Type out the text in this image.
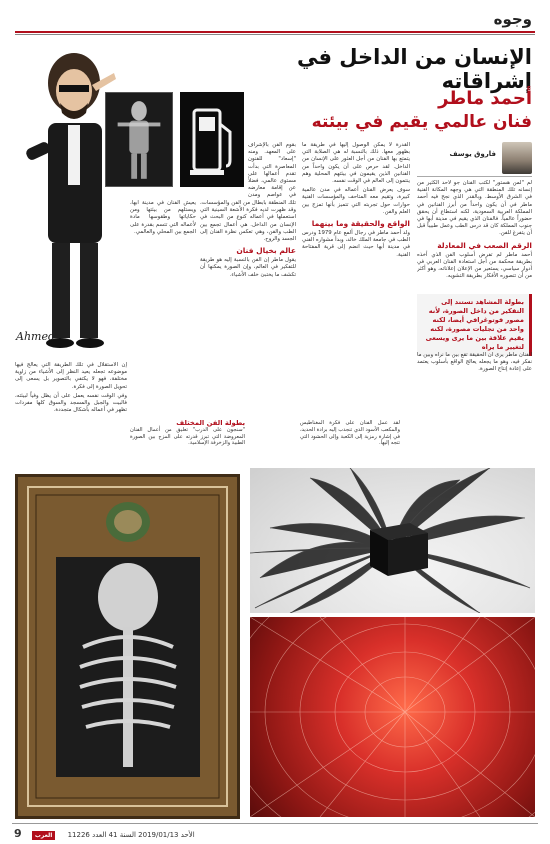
وجوه
الإنسان من الداخل في إشراقاته
أحمد ماطر
فنان عالمي يقيم في بيئته
فاروق يوسف

لم "لمن هستور" لكتب الفنان جو لأحد الكثير من إنسانه تلك المنطقة التي هي وجهه المكانة الفنية في الشرق الأوسط. وبالقدر الذي نجح فيه أحمد ماطر في أن يكون واحداً من أبرز الفنانين في المملكة العربية السعودية، لكنه استطاع أن يحقق حضوراً عالمياً. فالفنان الذي يقيم في مدينة أبها في جنوب المملكة كان قد درس الطب وعمل طبيباً قبل أن يتفرغ للفن.

الرقم الصعب في المعادلة

أحمد ماطر لم تفرض أسلوب الفن الذي أخذه بطريقة محكمة من أجل استعادة الفنان العربي في أدوار سياسي، يستعير من الإعلان إعلاناته، وهو أكثر من أن تتصوره الأفكار بطريقة التشويه.

بطولة المشاهد تستند إلى التفكير من داخل الصورة، لأنه مصور فوتوغرافي أيضا، لكنه واحد من تجليات مصورة، لكنه يقيم علاقة بين ما يرى ويسعى لتغيير ما يراه

الفنان ماطر يرى أن الحقيقة تقع بين ما نراه وبين ما نفكر فيه، وهو ما يجعله يعالج الواقع بأسلوب يعتمد على إعادة إنتاج الصورة.

القدرة لا يمكن الوصول إليها في طريقة ما بظهور معها. ذلك بالنسبة له هي الصلابة التي يتمتع بها الفنان من أجل العثور على الإنسان من الداخل. لقد حرص على أن يكون واحداً من الفنانين الذين يقيمون في بيئتهم المحلية وهم ينتمون إلى العالم في الوقت نفسه.

سوف يعرض الفنان أعماله في مدن عالمية كبيرة، وتقيم معه المتاحف والمؤسسات الفنية حوارات حول تجربته التي تتميز بأنها تمزج بين العلم والفن.

الواقع والحقيقة وما بينهما

ولد أحمد ماطر في رجال ألمع عام 1979 ودرس الطب في جامعة الملك خالد، وبدأ مشواره الفني في مدينة أبها حيث انضم إلى قرية المفتاحة الفنية.

تلك المنطقة بأبطال من الفن والمؤسسات، وقد ظهرت لديه فكرة الأشعة السينية التي استعملها في أعماله كنوع من البحث في الإنسان من الداخل. هي أعمال تجمع بين الطب والفن، وهي تعكس نظرة الفنان إلى الجسد والروح.

عالم بخيال فنان

يقول ماطر إن الفن بالنسبة إليه هو طريقة للتفكير في العالم، وإن الصورة يمكنها أن تكشف ما يختبئ خلف الأشياء.

بقوم الفن بالإشراف على المعهد. ومنه "إسعاد" للفنون المعاصرة التي بدأت تقدم أعمالها على مستوى عالمي، فضلاً عن إقامة معارضه في عواصم ومدن

يعيش الفنان في مدينة أبها، ويستلهم من بيئتها ومن حكاياتها وطقوسها مادة لأعماله التي تتسم بقدرة على الجمع بين المحلي والعالمي.

إن الاستقلال في تلك الطريقة التي يعالج فيها موضوعه تجعله يعيد النظر إلى الأشياء من زاوية مختلفة، فهو لا يكتفي بالتصوير بل يسعى إلى تحويل الصورة إلى فكرة.

وفي الوقت نفسه يعمل على أن يظل وفياً لبيئته، فالبيت والجبل والمسجد والسوق كلها مفردات تظهر في أعماله بأشكال متجددة.

Ahmed
بطولة الفن المختلف
"سنجون على الدرب" تعليق من أعمال الفنان المعروضة التي تبرز قدرته على المزج بين الصورة الطبية والزخرفة الإسلامية.
لقد عمل الفنان على فكرة المغناطيس والمكعب الأسود الذي تنجذب إليه برادة الحديد، في إشارة رمزية إلى الكعبة وإلى الحشود التي تتجه إليها.
9 العرب	الأحد 2019/01/13 السنة 41 العدد 11226
